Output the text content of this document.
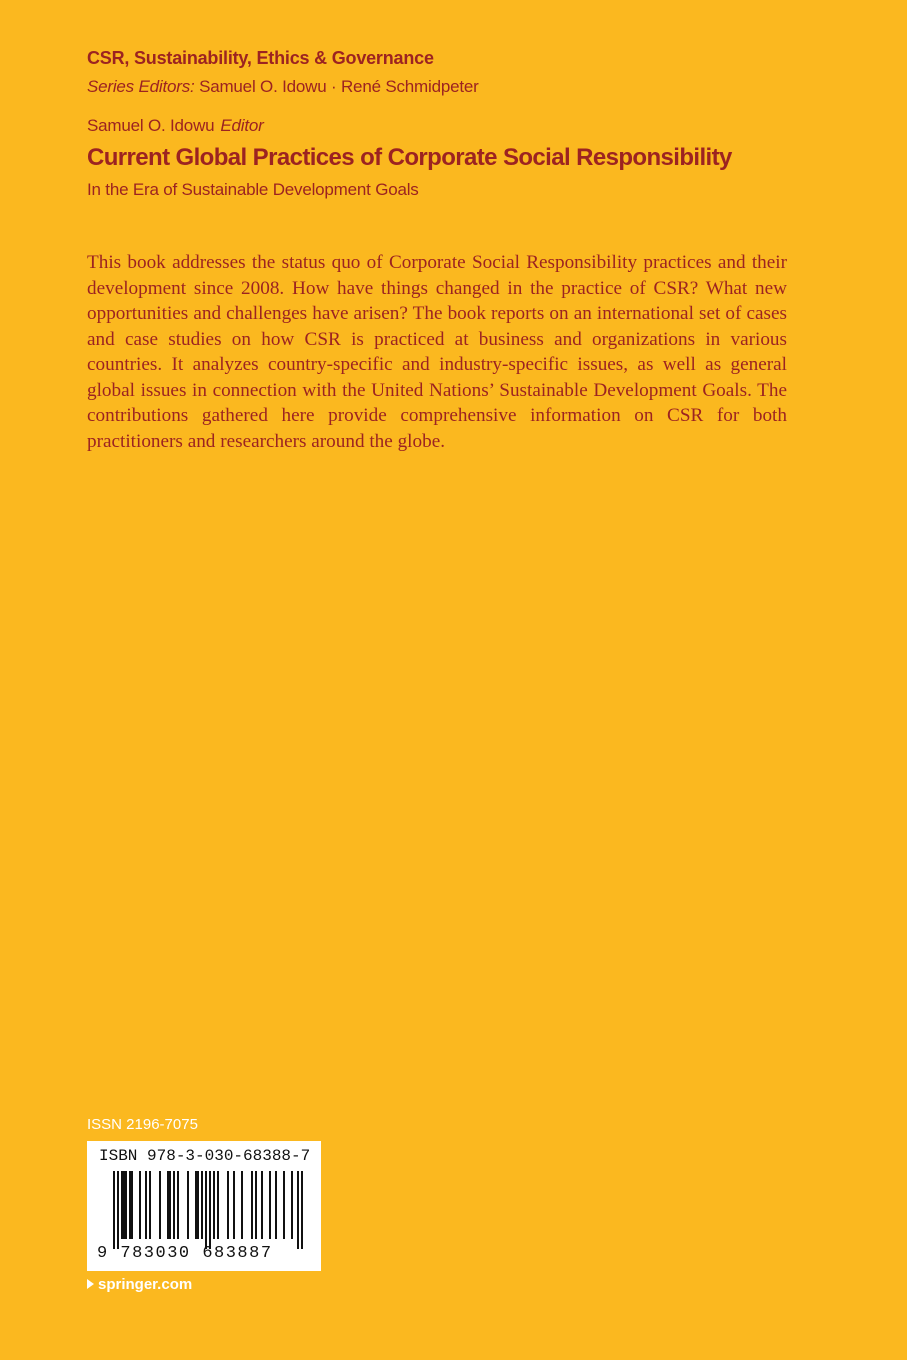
CSR, Sustainability, Ethics & Governance
Series Editors: Samuel O. Idowu · René Schmidpeter
Samuel O. Idowu Editor
Current Global Practices of Corporate Social Responsibility
In the Era of Sustainable Development Goals
This book addresses the status quo of Corporate Social Responsibility practices and their development since 2008. How have things changed in the practice of CSR? What new opportunities and challenges have arisen? The book reports on an international set of cases and case studies on how CSR is practiced at business and organizations in various countries. It analyzes country-specific and industry-specific issues, as well as general global issues in connection with the United Nations’ Sustainable Development Goals. The contributions gathered here provide comprehensive information on CSR for both practitioners and researchers around the globe.
ISSN 2196-7075
ISBN 978-3-030-68388-7
9 783030 683887
springer.com
